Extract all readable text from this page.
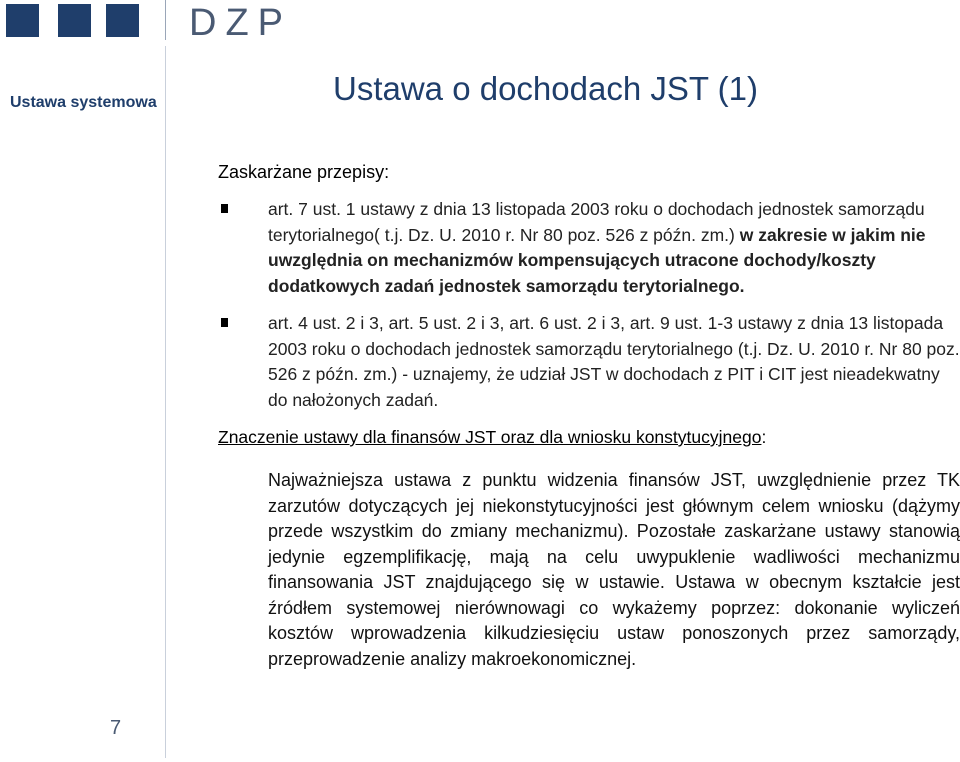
DZP
Ustawa systemowa
7
Ustawa o dochodach JST (1)

Zaskarżane przepisy:

art. 7 ust. 1 ustawy z dnia 13 listopada 2003 roku o dochodach jednostek samorządu terytorialnego( t.j. Dz. U. 2010 r. Nr 80 poz. 526 z późn. zm.) w zakresie w jakim nie uwzględnia on mechanizmów kompensujących utracone dochody/koszty dodatkowych zadań jednostek samorządu terytorialnego.
art. 4 ust. 2 i 3, art. 5 ust. 2 i 3, art. 6 ust. 2 i 3, art. 9 ust. 1-3 ustawy z dnia 13 listopada 2003 roku o dochodach jednostek samorządu terytorialnego (t.j. Dz. U. 2010 r. Nr 80 poz. 526 z późn. zm.) - uznajemy, że udział JST w dochodach z PIT i CIT jest nieadekwatny do nałożonych zadań.

Znaczenie ustawy dla finansów JST oraz dla wniosku konstytucyjnego:

Najważniejsza ustawa z punktu widzenia finansów JST, uwzględnienie przez TK zarzutów dotyczących jej niekonstytucyjności jest głównym celem wniosku (dążymy przede wszystkim do zmiany mechanizmu). Pozostałe zaskarżane ustawy stanowią jedynie egzemplifikację, mają na celu uwypuklenie wadliwości mechanizmu finansowania JST znajdującego się w ustawie. Ustawa w obecnym kształcie jest źródłem systemowej nierównowagi co wykażemy poprzez: dokonanie wyliczeń kosztów wprowadzenia kilkudziesięciu ustaw ponoszonych przez samorządy, przeprowadzenie analizy makroekonomicznej.
